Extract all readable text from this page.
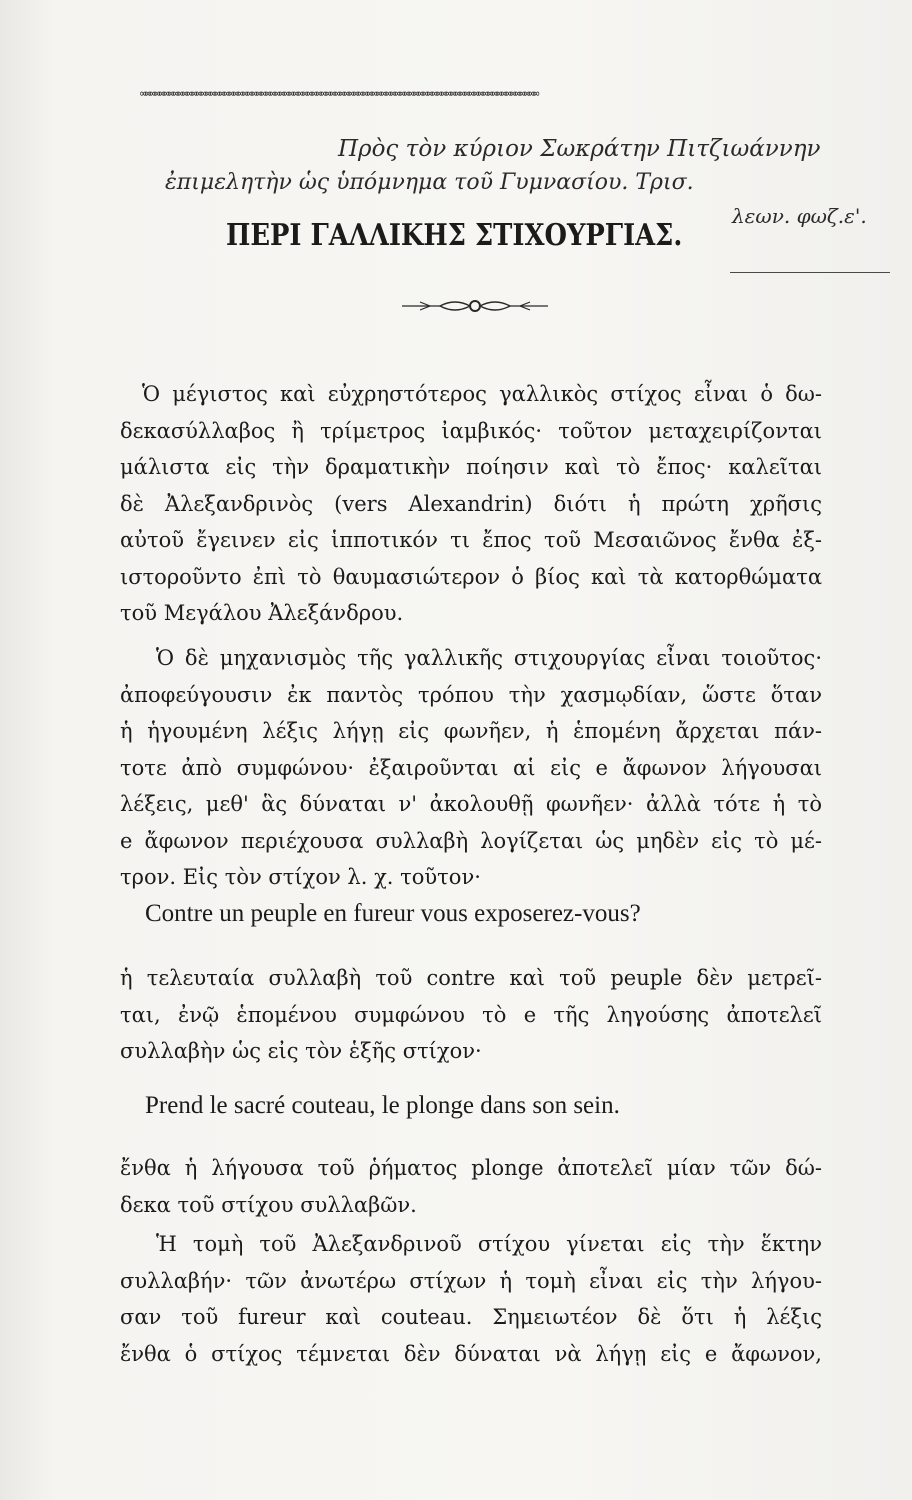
∞∞∞∞∞∞∞∞∞∞∞∞∞∞∞∞∞∞∞∞∞∞∞∞∞∞∞∞∞∞∞∞∞∞∞∞∞∞∞∞∞∞∞∞∞∞∞∞∞∞∞∞∞∞∞∞∞∞∞∞∞∞∞∞∞∞∞∞∞∞∞∞∞∞∞∞∞∞∞∞∞∞∞∞∞∞
Πρὸς τὸν κύριον Σωκράτην Πιτζιωάννην
ἐπιμελητὴν ὡς ὑπόμνημα τοῦ Γυμνασίου. Τρισ.
λεων. φωζ.ε'.
ΠΕΡΙ ΓΑΛΛΙΚΗΣ ΣΤΙΧΟΥΡΓΙΑΣ.
Ὁ μέγιστος καὶ εὐχρηστότερος γαλλικὸς στίχος εἶναι ὁ δω-
δεκασύλλαβος ἢ τρίμετρος ἰαμβικός· τοῦτον μεταχειρίζονται
μάλιστα εἰς τὴν δραματικὴν ποίησιν καὶ τὸ ἔπος· καλεῖται
δὲ Ἀλεξανδρινὸς (vers Alexandrin) διότι ἡ πρώτη χρῆσις
αὐτοῦ ἔγεινεν εἰς ἱπποτικόν τι ἔπος τοῦ Μεσαιῶνος ἔνθα ἐξ-
ιστοροῦντο ἐπὶ τὸ θαυμασιώτερον ὁ βίος καὶ τὰ κατορθώματα
τοῦ Μεγάλου Ἀλεξάνδρου.
Ὁ δὲ μηχανισμὸς τῆς γαλλικῆς στιχουργίας εἶναι τοιοῦτος·
ἀποφεύγουσιν ἐκ παντὸς τρόπου τὴν χασμῳδίαν, ὥστε ὅταν
ἡ ἡγουμένη λέξις λήγῃ εἰς φωνῆεν, ἡ ἑπομένη ἄρχεται πάν-
τοτε ἀπὸ συμφώνου· ἐξαιροῦνται αἱ εἰς e ἄφωνον λήγουσαι
λέξεις, μεθ' ἃς δύναται ν' ἀκολουθῇ φωνῆεν· ἀλλὰ τότε ἡ τὸ
e ἄφωνον περιέχουσα συλλαβὴ λογίζεται ὡς μηδὲν εἰς τὸ μέ-
τρον. Εἰς τὸν στίχον λ. χ. τοῦτον·
Contre un peuple en fureur vous exposerez-vous?
ἡ τελευταία συλλαβὴ τοῦ contre καὶ τοῦ peuple δὲν μετρεῖ-
ται, ἐνῷ ἑπομένου συμφώνου τὸ e τῆς ληγούσης ἀποτελεῖ
συλλαβὴν ὡς εἰς τὸν ἑξῆς στίχον·
Prend le sacré couteau, le plonge dans son sein.
ἔνθα ἡ λήγουσα τοῦ ῥήματος plonge ἀποτελεῖ μίαν τῶν δώ-
δεκα τοῦ στίχου συλλαβῶν.
Ἡ τομὴ τοῦ Ἀλεξανδρινοῦ στίχου γίνεται εἰς τὴν ἕκτην
συλλαβήν· τῶν ἀνωτέρω στίχων ἡ τομὴ εἶναι εἰς τὴν λήγου-
σαν τοῦ fureur καὶ couteau. Σημειωτέον δὲ ὅτι ἡ λέξις
ἔνθα ὁ στίχος τέμνεται δὲν δύναται νὰ λήγῃ εἰς e ἄφωνον,
